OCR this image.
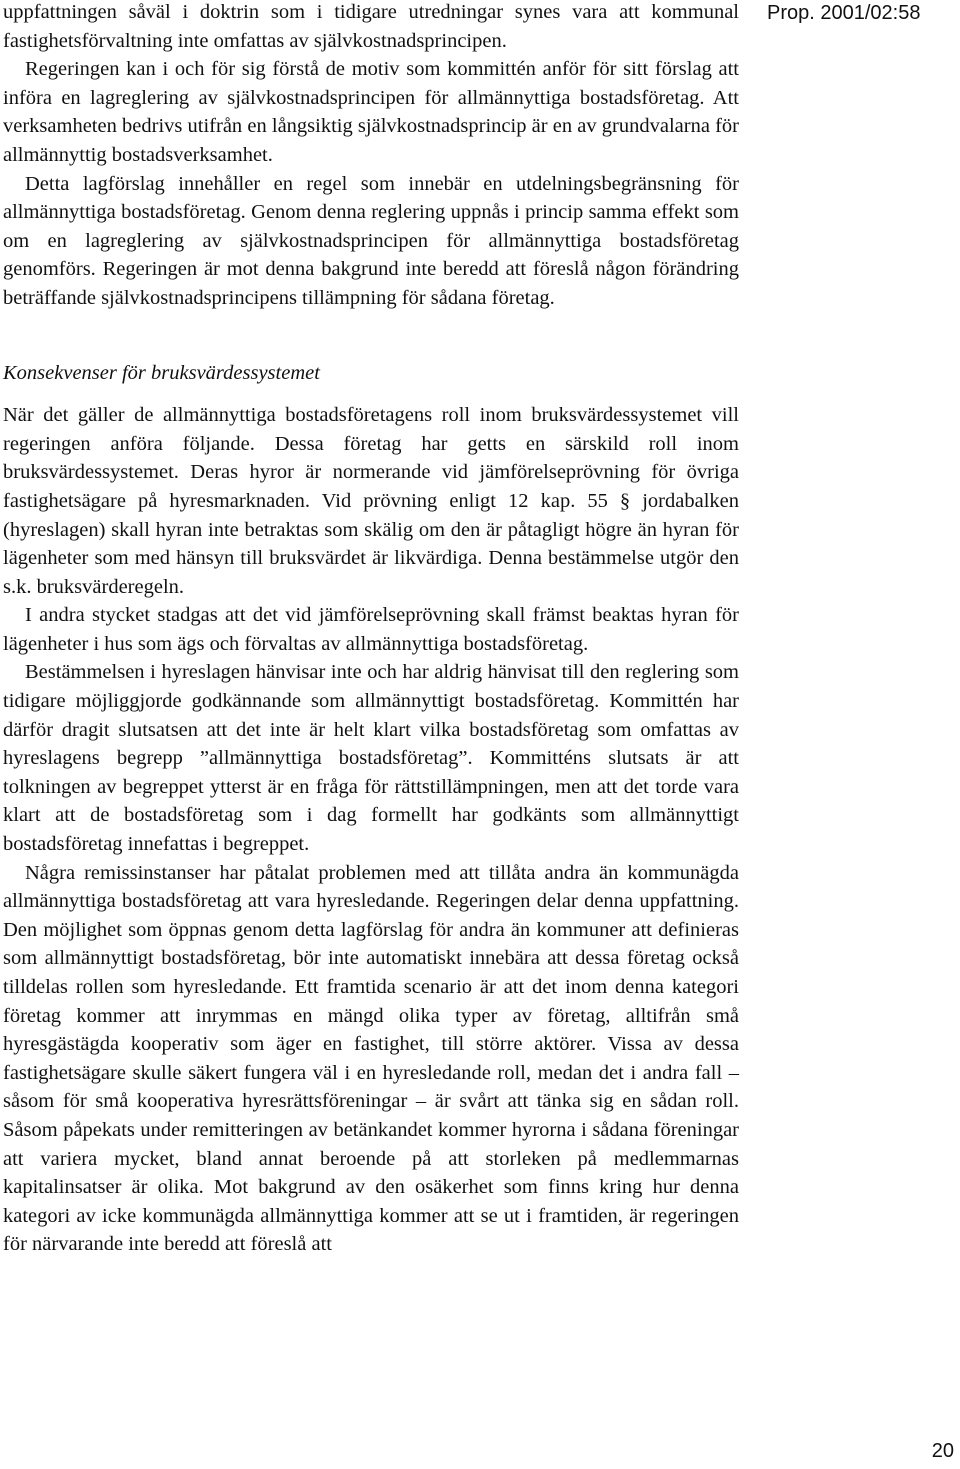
Prop. 2001/02:58

uppfattningen såväl i doktrin som i tidigare utredningar synes vara att kommunal fastighetsförvaltning inte omfattas av självkostnadsprincipen.

Regeringen kan i och för sig förstå de motiv som kommittén anför för sitt förslag att införa en lagreglering av självkostnadsprincipen för allmännyttiga bostadsföretag. Att verksamheten bedrivs utifrån en långsiktig självkostnadsprincip är en av grundvalarna för allmännyttig bostadsverksamhet.

Detta lagförslag innehåller en regel som innebär en utdelningsbegränsning för allmännyttiga bostadsföretag. Genom denna reglering uppnås i princip samma effekt som om en lagreglering av självkostnadsprincipen för allmännyttiga bostadsföretag genomförs. Regeringen är mot denna bakgrund inte beredd att föreslå någon förändring beträffande självkostnadsprincipens tillämpning för sådana företag.

Konsekvenser för bruksvärdessystemet

När det gäller de allmännyttiga bostadsföretagens roll inom bruksvärdessystemet vill regeringen anföra följande. Dessa företag har getts en särskild roll inom bruksvärdessystemet. Deras hyror är normerande vid jämförelseprövning för övriga fastighetsägare på hyresmarknaden. Vid prövning enligt 12 kap. 55 § jordabalken (hyreslagen) skall hyran inte betraktas som skälig om den är påtagligt högre än hyran för lägenheter som med hänsyn till bruksvärdet är likvärdiga. Denna bestämmelse utgör den s.k. bruksvärderegeln.

I andra stycket stadgas att det vid jämförelseprövning skall främst beaktas hyran för lägenheter i hus som ägs och förvaltas av allmännyttiga bostadsföretag.

Bestämmelsen i hyreslagen hänvisar inte och har aldrig hänvisat till den reglering som tidigare möjliggjorde godkännande som allmännyttigt bostadsföretag. Kommittén har därför dragit slutsatsen att det inte är helt klart vilka bostadsföretag som omfattas av hyreslagens begrepp ”allmännyttiga bostadsföretag”. Kommitténs slutsats är att tolkningen av begreppet ytterst är en fråga för rättstillämpningen, men att det torde vara klart att de bostadsföretag som i dag formellt har godkänts som allmännyttigt bostadsföretag innefattas i begreppet.

Några remissinstanser har påtalat problemen med att tillåta andra än kommunägda allmännyttiga bostadsföretag att vara hyresledande. Regeringen delar denna uppfattning. Den möjlighet som öppnas genom detta lagförslag för andra än kommuner att definieras som allmännyttigt bostadsföretag, bör inte automatiskt innebära att dessa företag också tilldelas rollen som hyresledande. Ett framtida scenario är att det inom denna kategori företag kommer att inrymmas en mängd olika typer av företag, alltifrån små hyresgästägda kooperativ som äger en fastighet, till större aktörer. Vissa av dessa fastighetsägare skulle säkert fungera väl i en hyresledande roll, medan det i andra fall – såsom för små kooperativa hyresrättsföreningar – är svårt att tänka sig en sådan roll. Såsom påpekats under remitteringen av betänkandet kommer hyrorna i sådana föreningar att variera mycket, bland annat beroende på att storleken på medlemmarnas kapitalinsatser är olika. Mot bakgrund av den osäkerhet som finns kring hur denna kategori av icke kommunägda allmännyttiga kommer att se ut i framtiden, är regeringen för närvarande inte beredd att föreslå att

20
